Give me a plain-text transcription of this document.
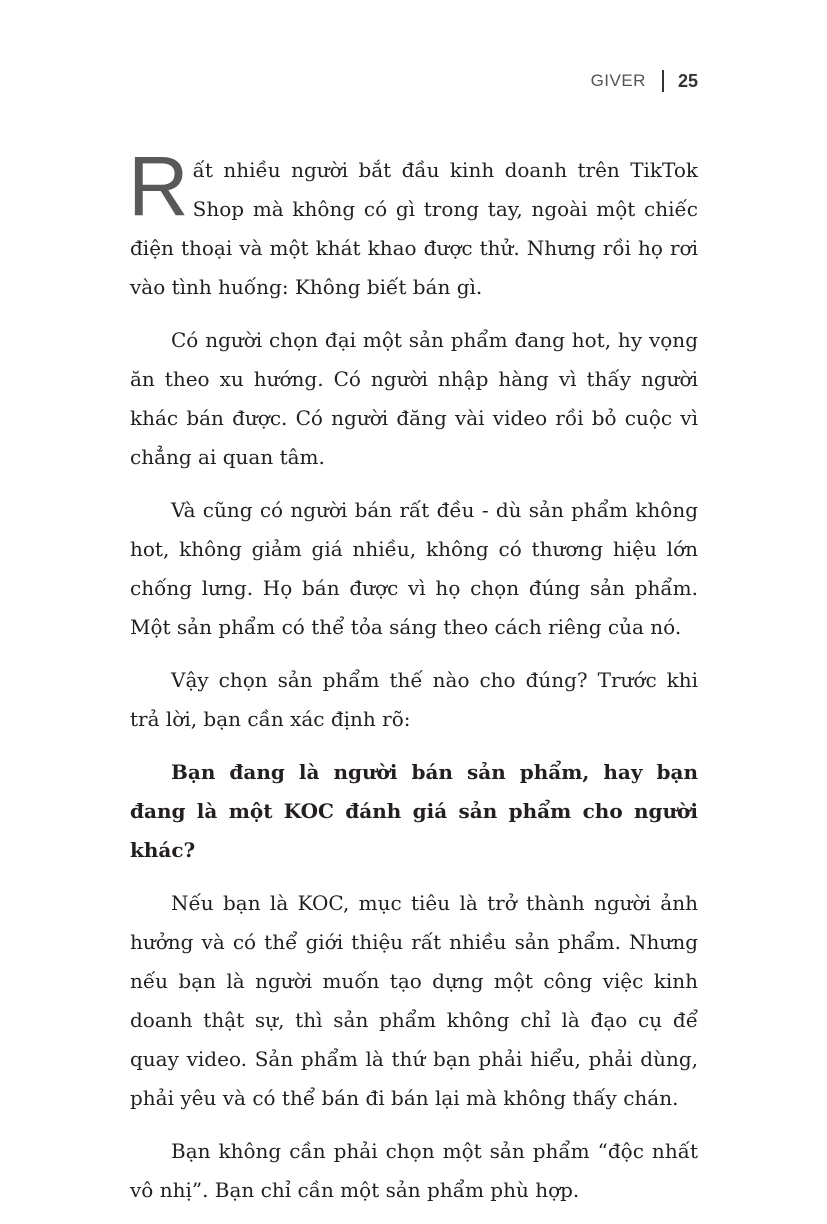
GIVER 25

Rất nhiều người bắt đầu kinh doanh trên TikTok Shop mà không có gì trong tay, ngoài một chiếc điện thoại và một khát khao được thử. Nhưng rồi họ rơi vào tình huống: Không biết bán gì.

Có người chọn đại một sản phẩm đang hot, hy vọng ăn theo xu hướng. Có người nhập hàng vì thấy người khác bán được. Có người đăng vài video rồi bỏ cuộc vì chẳng ai quan tâm.

Và cũng có người bán rất đều - dù sản phẩm không hot, không giảm giá nhiều, không có thương hiệu lớn chống lưng. Họ bán được vì họ chọn đúng sản phẩm. Một sản phẩm có thể tỏa sáng theo cách riêng của nó.

Vậy chọn sản phẩm thế nào cho đúng? Trước khi trả lời, bạn cần xác định rõ:

Bạn đang là người bán sản phẩm, hay bạn đang là một KOC đánh giá sản phẩm cho người khác?

Nếu bạn là KOC, mục tiêu là trở thành người ảnh hưởng và có thể giới thiệu rất nhiều sản phẩm. Nhưng nếu bạn là người muốn tạo dựng một công việc kinh doanh thật sự, thì sản phẩm không chỉ là đạo cụ để quay video. Sản phẩm là thứ bạn phải hiểu, phải dùng, phải yêu và có thể bán đi bán lại mà không thấy chán.

Bạn không cần phải chọn một sản phẩm “độc nhất vô nhị”. Bạn chỉ cần một sản phẩm phù hợp.
